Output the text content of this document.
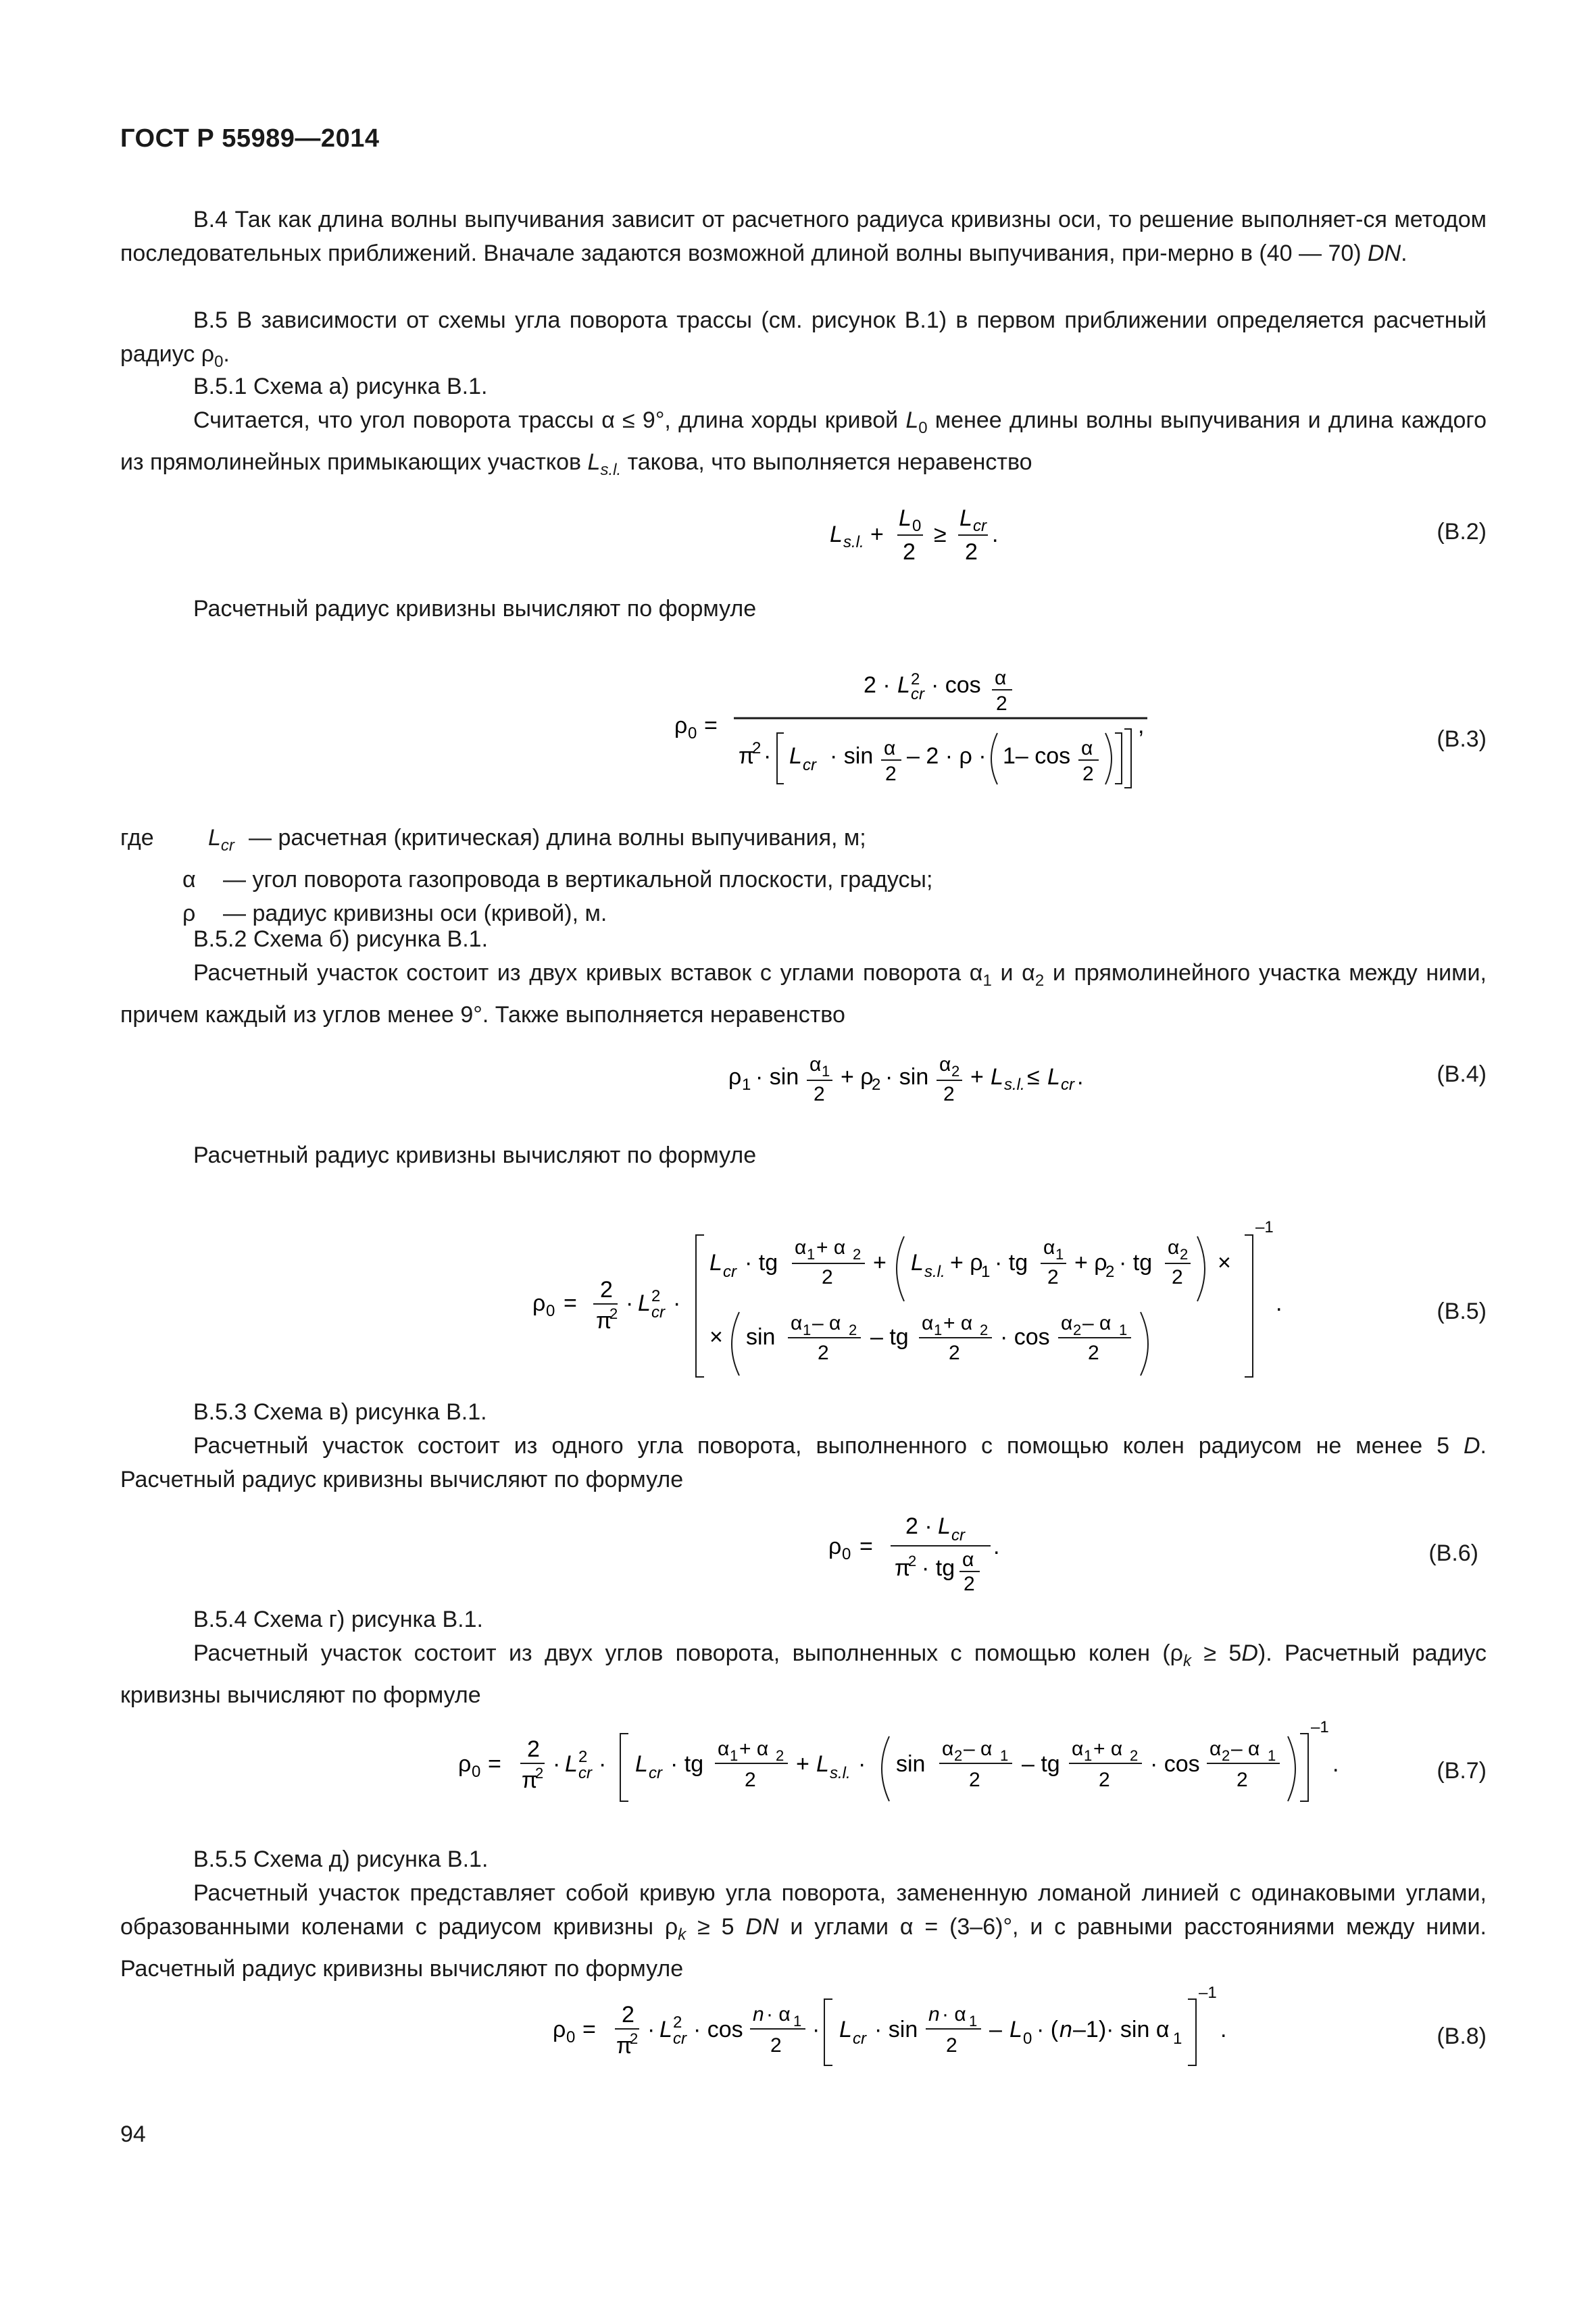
ГОСТ Р 55989—2014
В.4 Так как длина волны выпучивания зависит от расчетного радиуса кривизны оси, то решение выполняет-ся методом последовательных приближений. Вначале задаются возможной длиной волны выпучивания, при-мерно в (40 — 70) DN.
В.5 В зависимости от схемы угла поворота трассы (см. рисунок В.1) в первом приближении определяется расчетный радиус $\rho_0$.
В.5.1 Схема а) рисунка В.1.
Считается, что угол поворота трассы α ≤ 9°, длина хорды кривой $L_0$ менее длины волны выпучивания и длина каждого из прямолинейных примыкающих участков $L_{s.l.}$ такова, что выполняется неравенство
L s.l. +
L 0
2
≥
L cr
2
.	(В.2)
Расчетный радиус кривизны вычисляют по формуле
ρ 0 =
2 · L 2
cr · cos α
2
π
2 · L cr · sin α
2
– 2 · ρ · 1– cos α
2
,
(В.3)
где	$L_{cr}$ — расчетная (критическая) длина волны выпучивания, м;
α	— угол поворота газопровода в вертикальной плоскости, градусы;
ρ	— радиус кривизны оси (кривой), м.
В.5.2 Схема б) рисунка В.1.
Расчетный участок состоит из двух кривых вставок с углами поворота $\alpha_1$ и $\alpha_2$ и прямолинейного участка между ними, причем каждый из углов менее 9°. Также выполняется неравенство
ρ 1 · sin α 1
2
+ ρ
2 · sin α 2
2
+ L s.l. ≤ L cr .	(В.4)
Расчетный радиус кривизны вычисляют по формуле
ρ 0 =
2
π
2 · L 2
cr ·
L cr · tg
α 1 + α 2
2
+ L s.l. + ρ
1 · tg
α 1
2
+ ρ
2 · tg
α 2
2
×
× sin
α 1 – α 2
2
– tg
α 1 + α 2
2
· cos
α 2 – α 1
2
–1
.	(В.5)
В.5.3 Схема в) рисунка В.1.
Расчетный участок состоит из одного угла поворота, выполненного с помощью колен радиусом не менее 5 D. Расчетный радиус кривизны вычисляют по формуле
ρ 0 =
2 · L cr
π
2 · tg α
2
.	(В.6)
В.5.4 Схема г) рисунка В.1.
Расчетный участок состоит из двух углов поворота, выполненных с помощью колен $(\rho_k \ge 5D)$. Расчетный радиус кривизны вычисляют по формуле
ρ 0 =
2
π
2 · L 2
cr · L cr · tg
α 1 + α 2
2
+ L s.l. · sin
α 2 – α 1
2
– tg
α 1 + α 2
2
· cos
α 2 – α 1
2
–1
.	(В.7)
В.5.5 Схема д) рисунка В.1.
Расчетный участок представляет собой кривую угла поворота, замененную ломаной линией с одинаковыми углами, образованными коленами с радиусом кривизны $\rho_k \ge 5$ DN и углами α = (3–6)°, и с равными расстояниями между ними. Расчетный радиус кривизны вычисляют по формуле
ρ 0 =
2
π
2 · L 2
cr · cos
n · α 1
2
· L cr · sin
n · α 1
2
– L 0 · ( n –1)· sin α 1
–1
.	(В.8)
94
